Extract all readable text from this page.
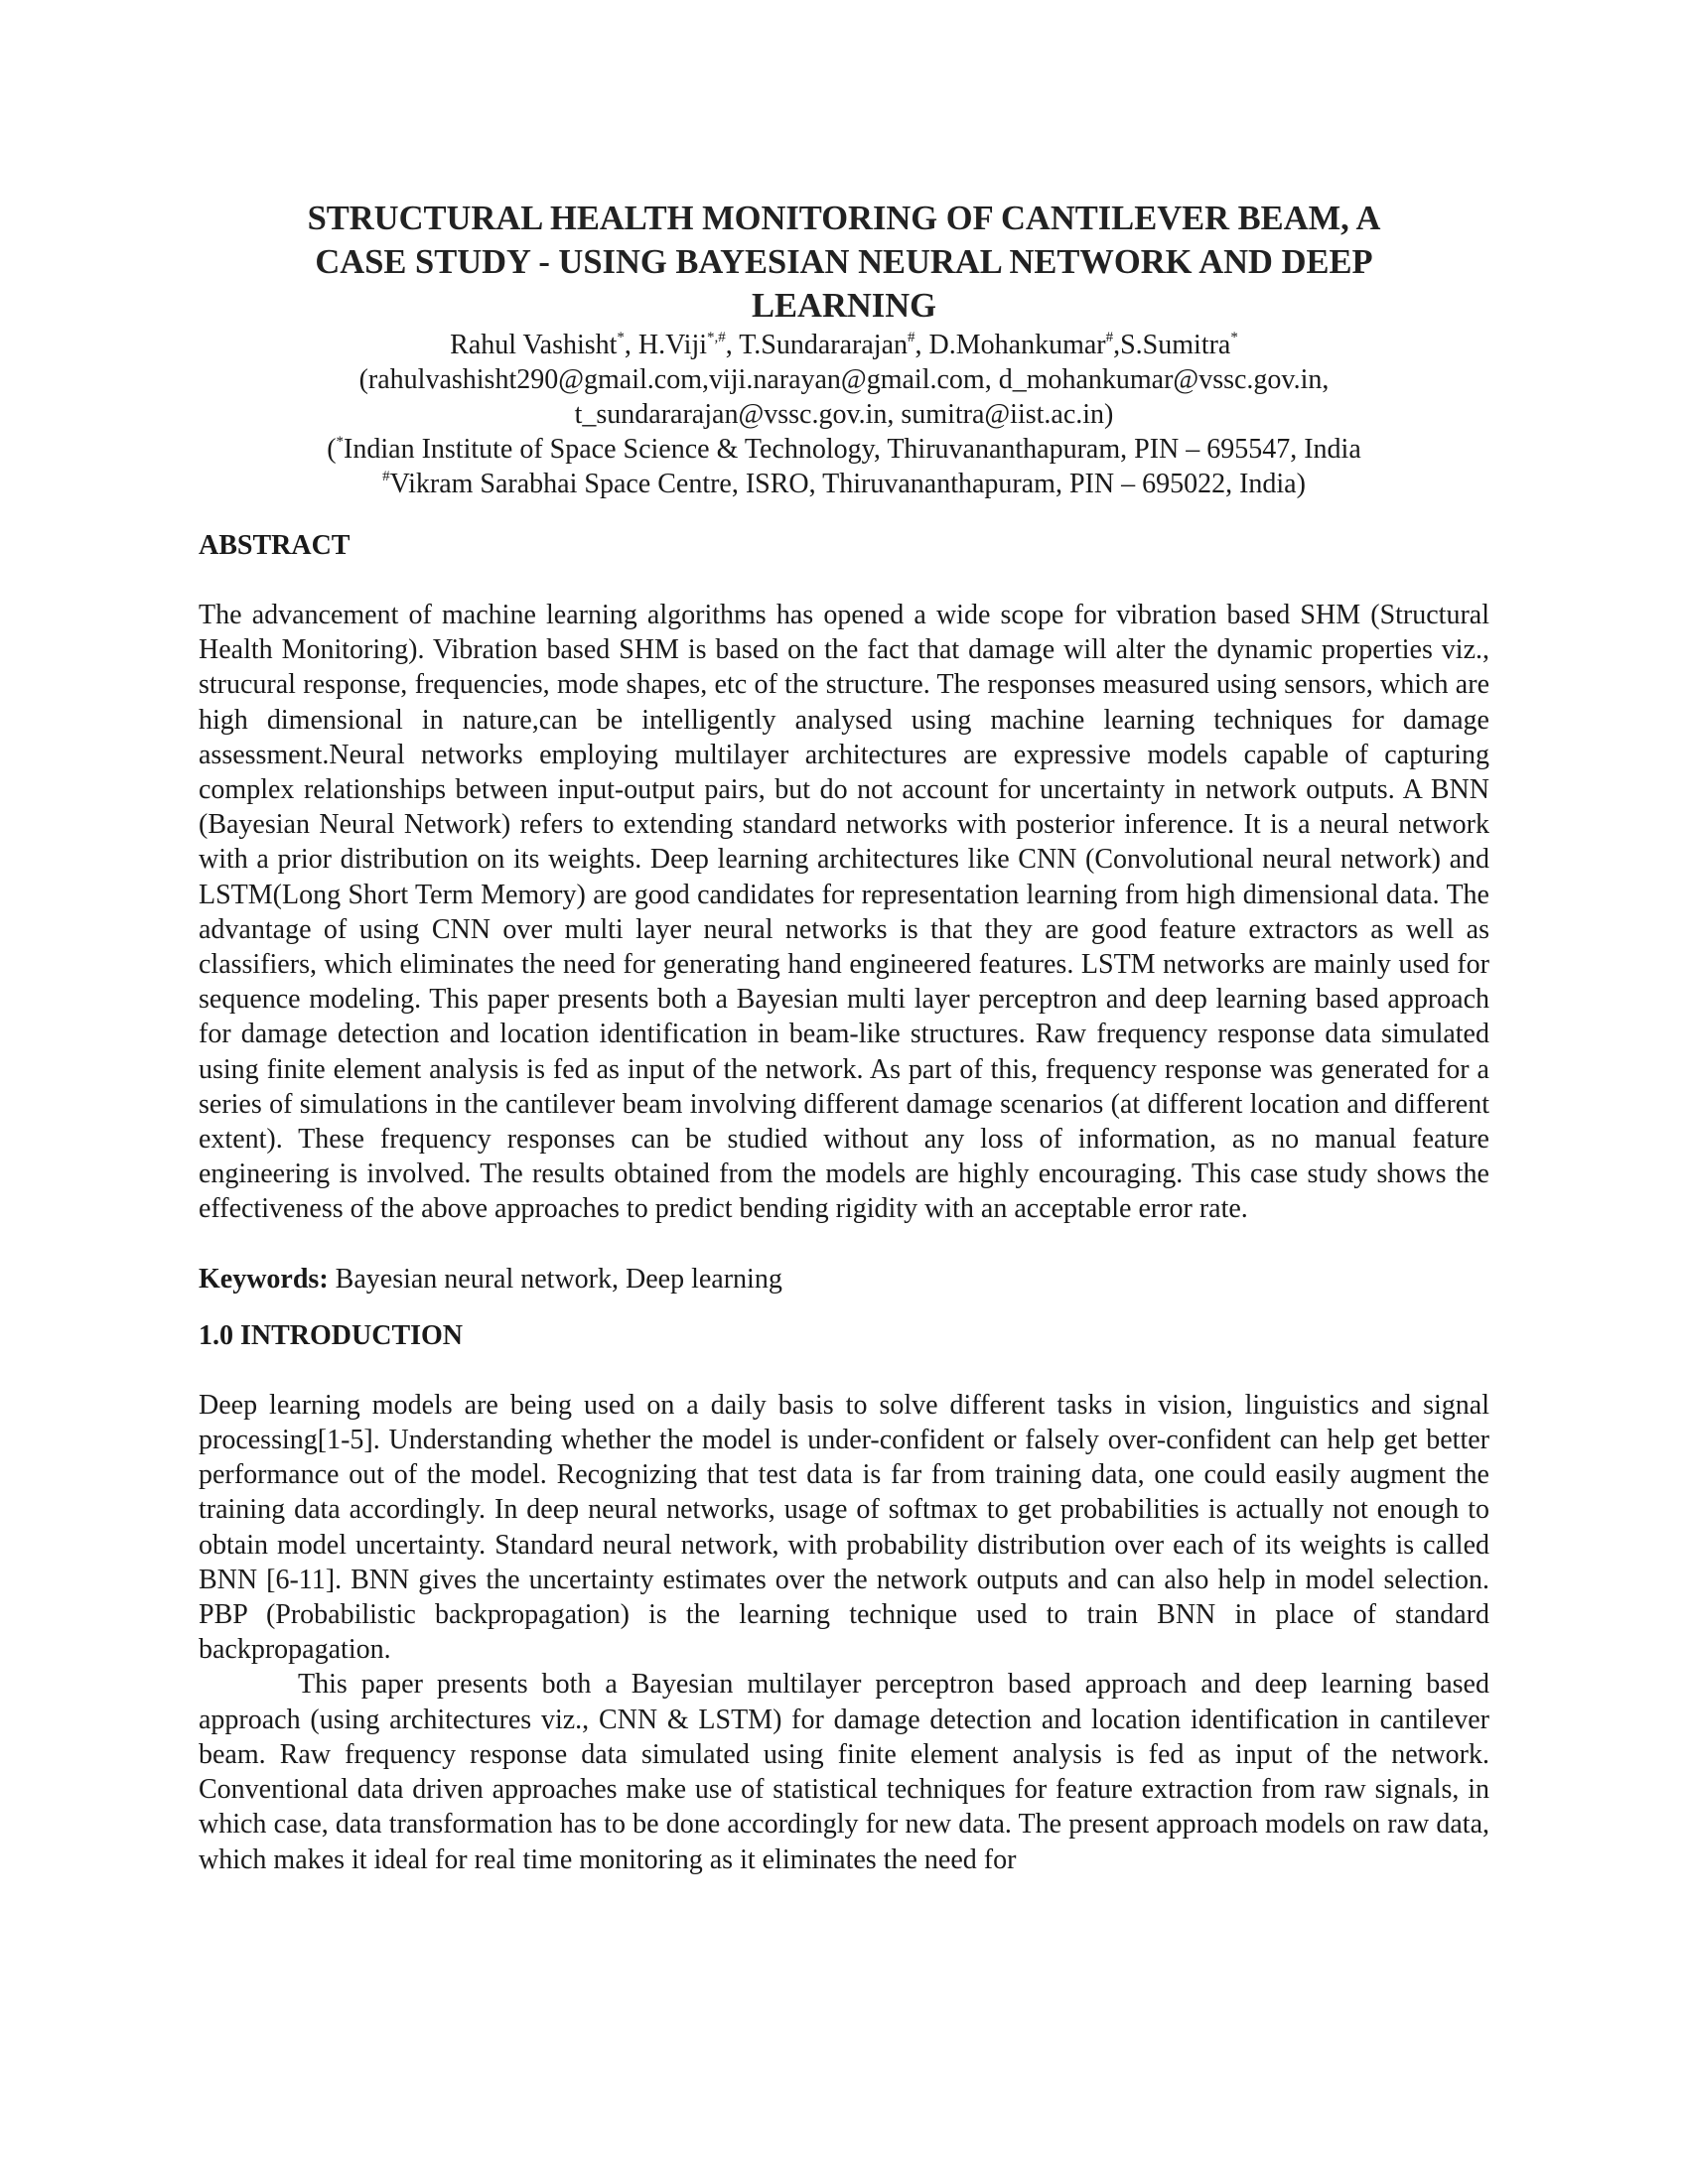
STRUCTURAL HEALTH MONITORING OF CANTILEVER BEAM, A
CASE STUDY - USING BAYESIAN NEURAL NETWORK AND DEEP
LEARNING
Rahul Vashisht*, H.Viji*,#, T.Sundararajan#, D.Mohankumar#,S.Sumitra*
(rahulvashisht290@gmail.com,viji.narayan@gmail.com, d_mohankumar@vssc.gov.in,
t_sundararajan@vssc.gov.in, sumitra@iist.ac.in)
(*Indian Institute of Space Science & Technology, Thiruvananthapuram, PIN – 695547, India
#Vikram Sarabhai Space Centre, ISRO, Thiruvananthapuram, PIN – 695022, India)
ABSTRACT

The advancement of machine learning algorithms has opened a wide scope for vibration based SHM (Structural Health Monitoring). Vibration based SHM is based on the fact that damage will alter the dynamic properties viz., strucural response, frequencies, mode shapes, etc of the structure. The responses measured using sensors, which are high dimensional in nature,can be intelligently analysed using machine learning techniques for damage assessment.Neural networks employing multilayer architectures are expressive models capable of capturing complex relationships between input-output pairs, but do not account for uncertainty in network outputs. A BNN (Bayesian Neural Network) refers to extending standard networks with posterior inference. It is a neural network with a prior distribution on its weights. Deep learning architectures like CNN (Convolutional neural network) and LSTM(Long Short Term Memory) are good candidates for representation learning from high dimensional data. The advantage of using CNN over multi layer neural networks is that they are good feature extractors as well as classifiers, which eliminates the need for generating hand engineered features. LSTM networks are mainly used for sequence modeling. This paper presents both a Bayesian multi layer perceptron and deep learning based approach for damage detection and location identification in beam-like structures. Raw frequency response data simulated using finite element analysis is fed as input of the network. As part of this, frequency response was generated for a series of simulations in the cantilever beam involving different damage scenarios (at different location and different extent). These frequency responses can be studied without any loss of information, as no manual feature engineering is involved. The results obtained from the models are highly encouraging. This case study shows the effectiveness of the above approaches to predict bending rigidity with an acceptable error rate.

Keywords: Bayesian neural network, Deep learning

1.0 INTRODUCTION

Deep learning models are being used on a daily basis to solve different tasks in vision, linguistics and signal processing[1-5]. Understanding whether the model is under-confident or falsely over-confident can help get better performance out of the model. Recognizing that test data is far from training data, one could easily augment the training data accordingly. In deep neural networks, usage of softmax to get probabilities is actually not enough to obtain model uncertainty. Standard neural network, with probability distribution over each of its weights is called BNN [6-11]. BNN gives the uncertainty estimates over the network outputs and can also help in model selection. PBP (Probabilistic backpropagation) is the learning technique used to train BNN in place of standard backpropagation.

This paper presents both a Bayesian multilayer perceptron based approach and deep learning based approach (using architectures viz., CNN & LSTM) for damage detection and location identification in cantilever beam. Raw frequency response data simulated using finite element analysis is fed as input of the network. Conventional data driven approaches make use of statistical techniques for feature extraction from raw signals, in which case, data transformation has to be done accordingly for new data. The present approach models on raw data, which makes it ideal for real time monitoring as it eliminates the need for
